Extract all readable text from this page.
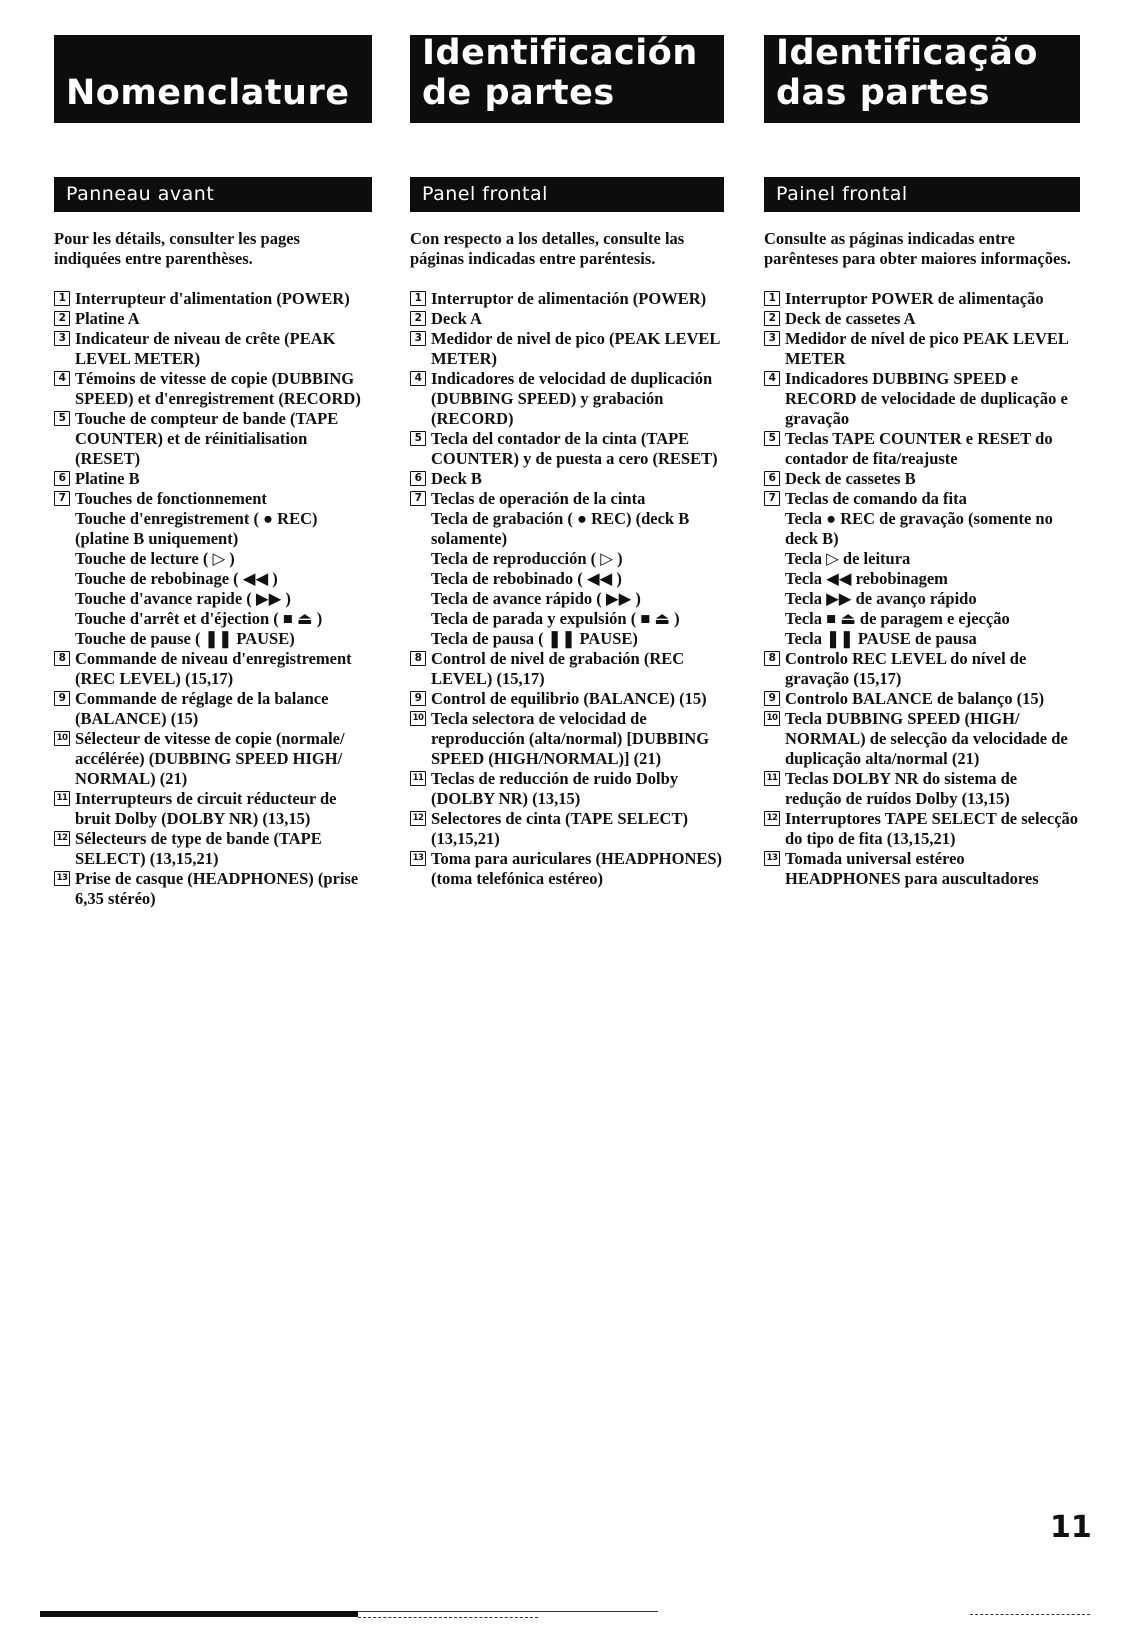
Nomenclature
Panneau avant
Pour les détails, consulter les pages
indiquées entre parenthèses.
1 Interrupteur d'alimentation (POWER)
2 Platine A
3 Indicateur de niveau de crête (PEAK
LEVEL METER)
4 Témoins de vitesse de copie (DUBBING
SPEED) et d'enregistrement (RECORD)
5 Touche de compteur de bande (TAPE
COUNTER) et de réinitialisation
(RESET)
6 Platine B
7 Touches de fonctionnement
Touche d'enregistrement ( ● REC)
(platine B uniquement)
Touche de lecture ( ▷ )
Touche de rebobinage ( ◀◀ )
Touche d'avance rapide ( ▶▶ )
Touche d'arrêt et d'éjection ( ■ ⏏ )
Touche de pause ( ❚❚ PAUSE)
8 Commande de niveau d'enregistrement
(REC LEVEL) (15,17)
9 Commande de réglage de la balance
(BALANCE) (15)
10 Sélecteur de vitesse de copie (normale/
accélérée) (DUBBING SPEED HIGH/
NORMAL) (21)
11 Interrupteurs de circuit réducteur de
bruit Dolby (DOLBY NR) (13,15)
12 Sélecteurs de type de bande (TAPE
SELECT) (13,15,21)
13 Prise de casque (HEADPHONES) (prise
6,35 stéréo)
Identificación
de partes
Panel frontal
Con respecto a los detalles, consulte las
páginas indicadas entre paréntesis.
1 Interruptor de alimentación (POWER)
2 Deck A
3 Medidor de nivel de pico (PEAK LEVEL
METER)
4 Indicadores de velocidad de duplicación
(DUBBING SPEED) y grabación
(RECORD)
5 Tecla del contador de la cinta (TAPE
COUNTER) y de puesta a cero (RESET)
6 Deck B
7 Teclas de operación de la cinta
Tecla de grabación ( ● REC) (deck B
solamente)
Tecla de reproducción ( ▷ )
Tecla de rebobinado ( ◀◀ )
Tecla de avance rápido ( ▶▶ )
Tecla de parada y expulsión ( ■ ⏏ )
Tecla de pausa ( ❚❚ PAUSE)
8 Control de nivel de grabación (REC
LEVEL) (15,17)
9 Control de equilibrio (BALANCE) (15)
10 Tecla selectora de velocidad de
reproducción (alta/normal) [DUBBING
SPEED (HIGH/NORMAL)] (21)
11 Teclas de reducción de ruido Dolby
(DOLBY NR) (13,15)
12 Selectores de cinta (TAPE SELECT)
(13,15,21)
13 Toma para auriculares (HEADPHONES)
(toma telefónica estéreo)
Identificação
das partes
Painel frontal
Consulte as páginas indicadas entre
parênteses para obter maiores informações.
1 Interruptor POWER de alimentação
2 Deck de cassetes A
3 Medidor de nível de pico PEAK LEVEL
METER
4 Indicadores DUBBING SPEED e
RECORD de velocidade de duplicação e
gravação
5 Teclas TAPE COUNTER e RESET do
contador de fita/reajuste
6 Deck de cassetes B
7 Teclas de comando da fita
Tecla ● REC de gravação (somente no
deck B)
Tecla ▷ de leitura
Tecla ◀◀ rebobinagem
Tecla ▶▶ de avanço rápido
Tecla ■ ⏏ de paragem e ejecção
Tecla ❚❚ PAUSE de pausa
8 Controlo REC LEVEL do nível de
gravação (15,17)
9 Controlo BALANCE de balanço (15)
10 Tecla DUBBING SPEED (HIGH/
NORMAL) de selecção da velocidade de
duplicação alta/normal (21)
11 Teclas DOLBY NR do sistema de
redução de ruídos Dolby (13,15)
12 Interruptores TAPE SELECT de selecção
do tipo de fita (13,15,21)
13 Tomada universal estéreo
HEADPHONES para auscultadores
11
